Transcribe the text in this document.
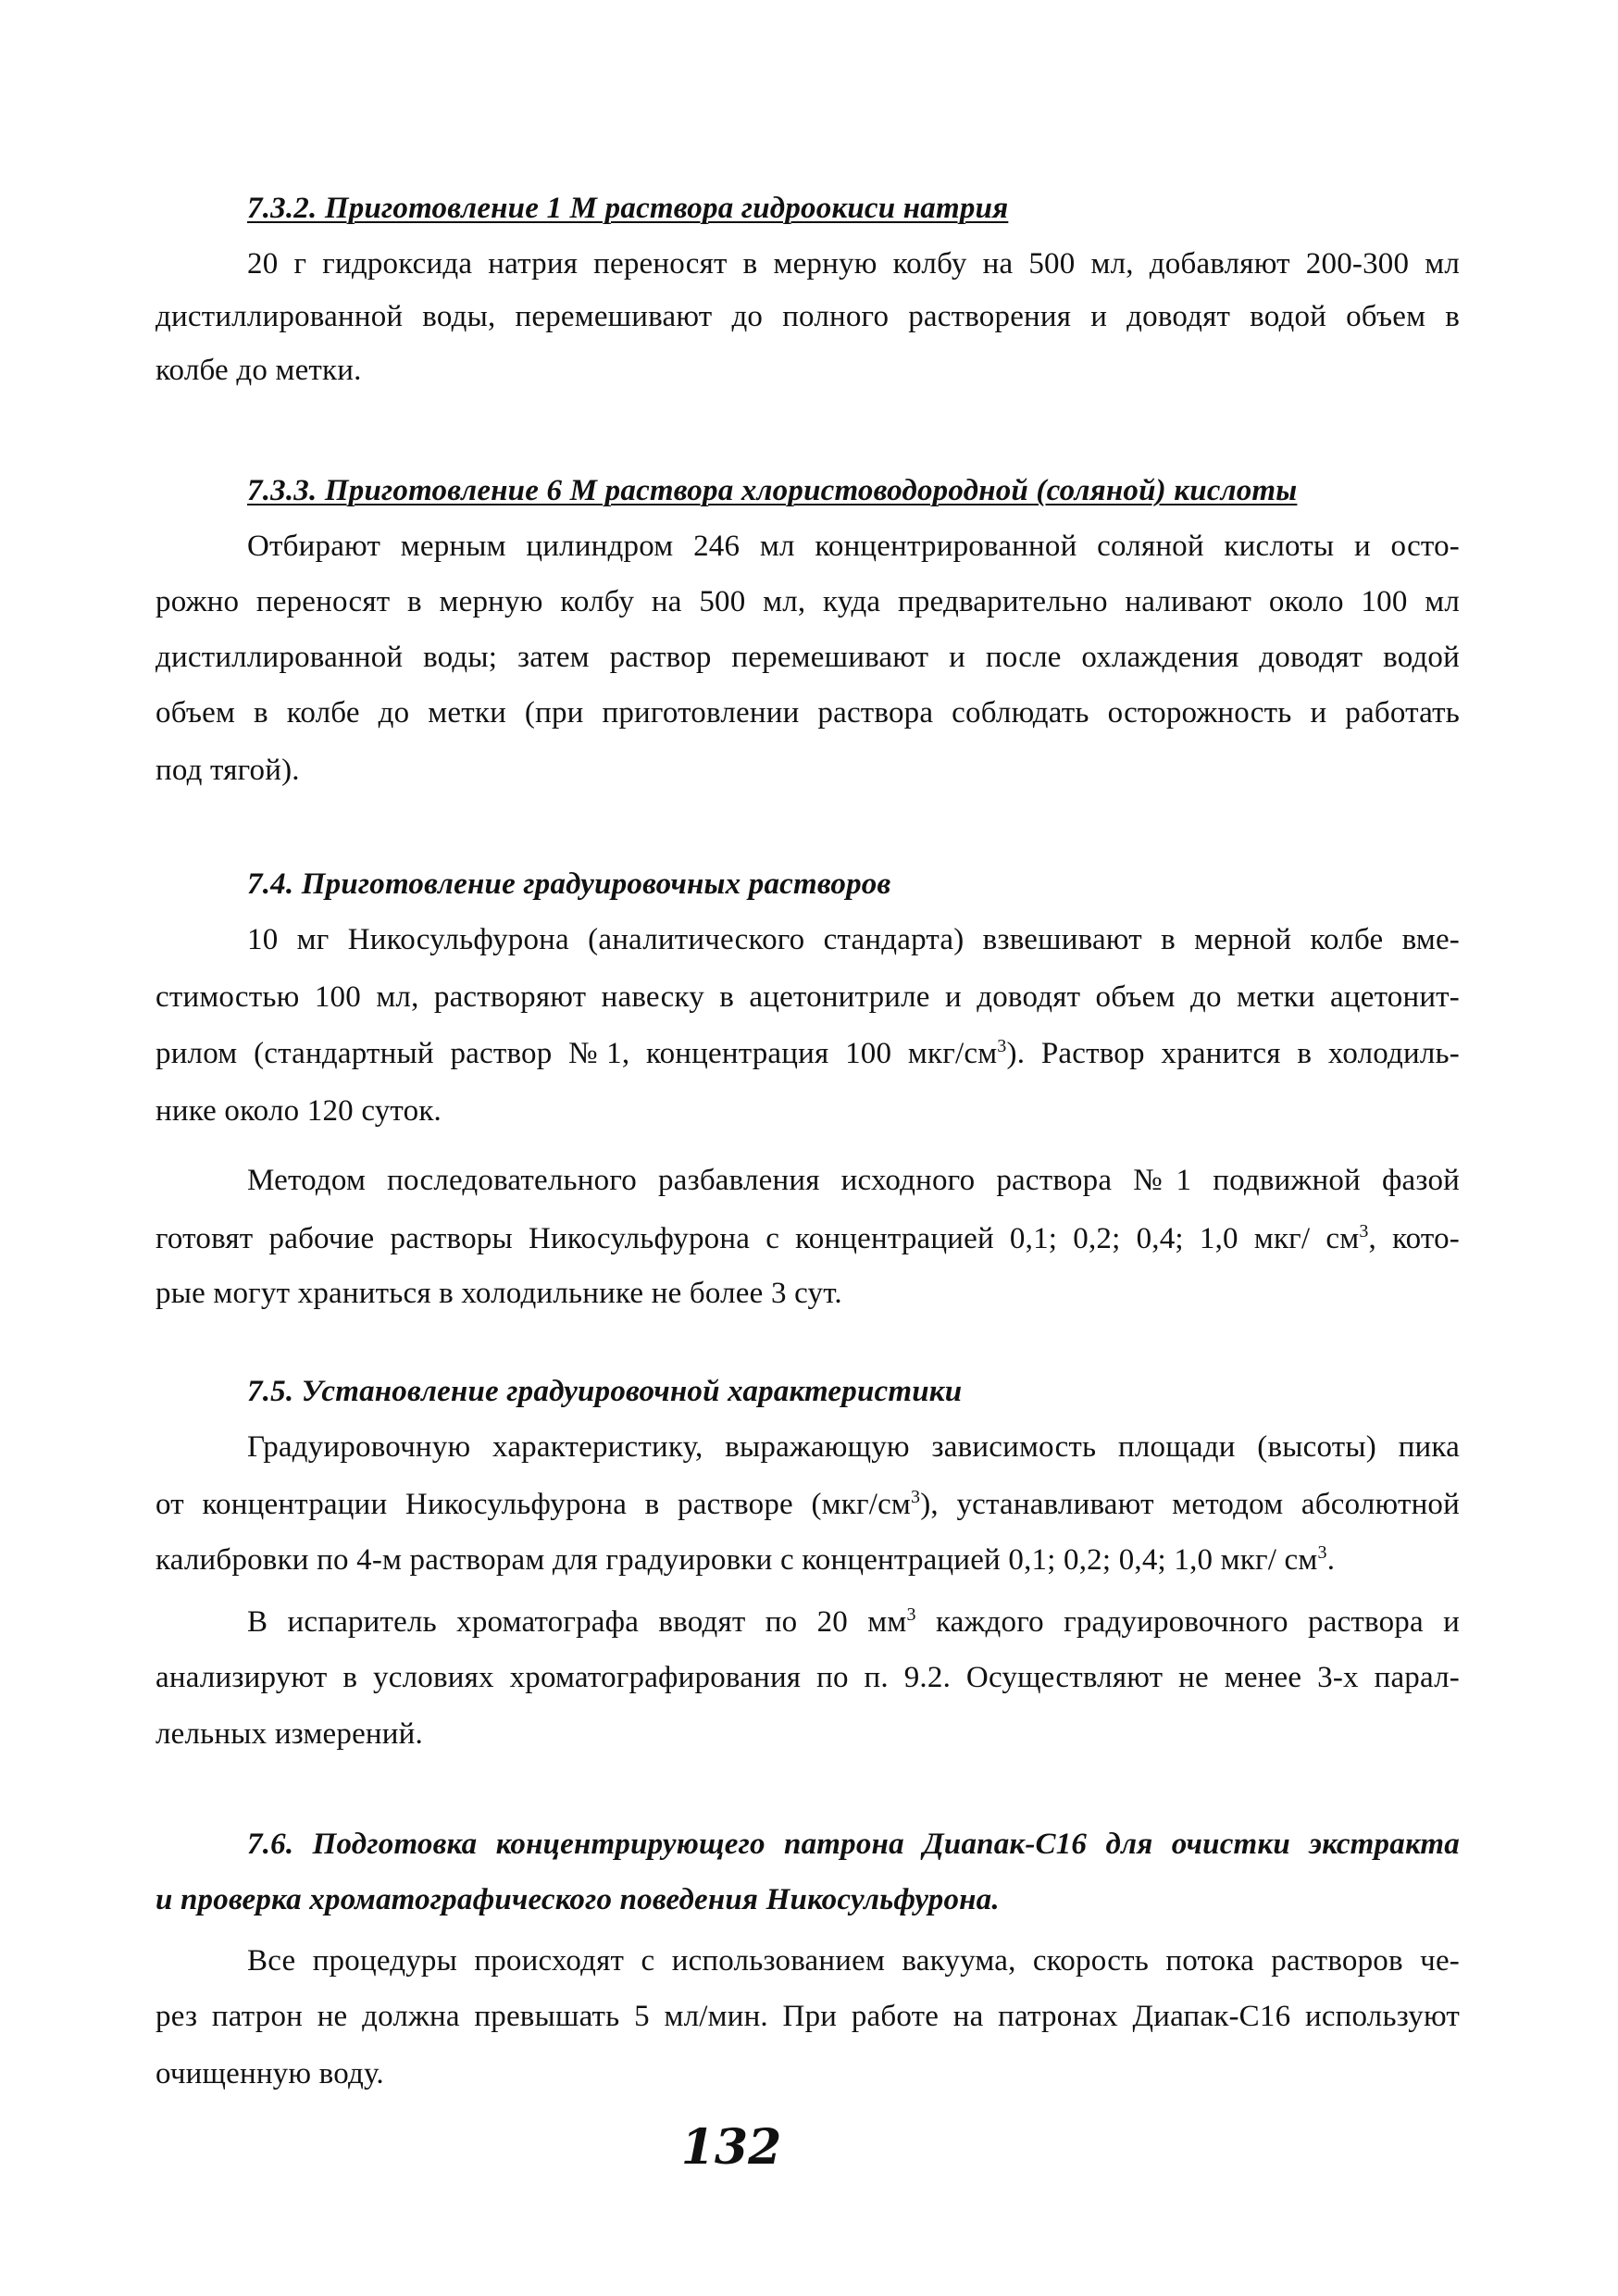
7.3.2. Приготовление 1 М раствора гидроокиси натрия
20 г гидроксида натрия переносят в мерную колбу на 500 мл, добавляют 200-300 мл
дистиллированной воды, перемешивают до полного растворения и доводят водой объем в
колбе до метки.
7.3.3. Приготовление 6 М раствора хлористоводородной (соляной) кислоты
Отбирают мерным цилиндром 246 мл концентрированной соляной кислоты и осто-
рожно переносят в мерную колбу на 500 мл, куда предварительно наливают около 100 мл
дистиллированной воды; затем раствор перемешивают и после охлаждения доводят водой
объем в колбе до метки (при приготовлении раствора соблюдать осторожность и работать
под тягой).
7.4. Приготовление градуировочных растворов
10 мг Никосульфурона (аналитического стандарта) взвешивают в мерной колбе вме-
стимостью 100 мл, растворяют навеску в ацетонитриле и доводят объем до метки ацетонит-
рилом (стандартный раствор №1, концентрация 100 мкг/$см^3$). Раствор хранится в холодиль-
нике около 120 суток.
Методом последовательного разбавления исходного раствора №1 подвижной фазой
готовят рабочие растворы Никосульфурона с концентрацией 0,1; 0,2; 0,4; 1,0 мкг/ $см^3$, кото-
рые могут храниться в холодильнике не более 3 сут.
7.5. Установление градуировочной характеристики
Градуировочную характеристику, выражающую зависимость площади (высоты) пика
от концентрации Никосульфурона в растворе $(мкг/см^3)$, устанавливают методом абсолютной
калибровки по 4-м растворам для градуировки с концентрацией 0,1; 0,2; 0,4; 1,0 мкг/ $см^3$.
В испаритель хроматографа вводят по 20 $мм^3$ каждого градуировочного раствора и
анализируют в условиях хроматографирования по п. 9.2. Осуществляют не менее 3-х парал-
лельных измерений.
7.6. Подготовка концентрирующего патрона Диапак-С16 для очистки экстракта
и проверка хроматографического поведения Никосульфурона.
Все процедуры происходят с использованием вакуума, скорость потока растворов че-
рез патрон не должна превышать 5 мл/мин. При работе на патронах Диапак-С16 используют
очищенную воду.
132
